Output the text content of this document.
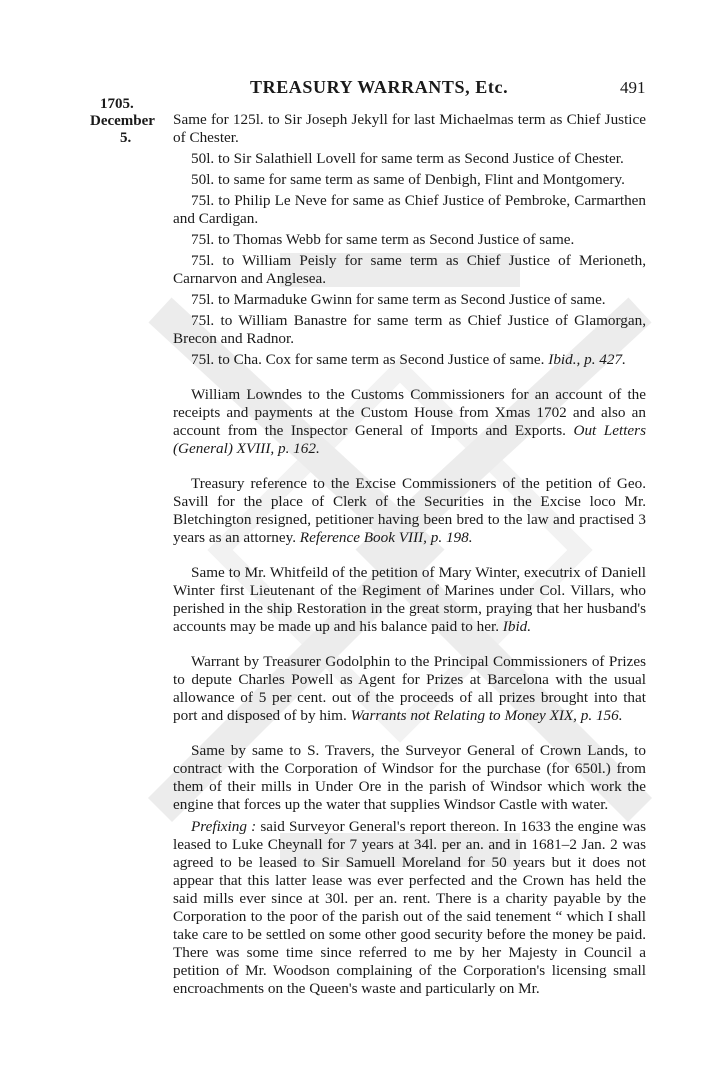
TREASURY WARRANTS, Etc.	491
1705.
December
5.

Same for 125l. to Sir Joseph Jekyll for last Michaelmas term as Chief Justice of Chester.

50l. to Sir Salathiell Lovell for same term as Second Justice of Chester.

50l. to same for same term as same of Denbigh, Flint and Montgomery.

75l. to Philip Le Neve for same as Chief Justice of Pembroke, Carmarthen and Cardigan.

75l. to Thomas Webb for same term as Second Justice of same.

75l. to William Peisly for same term as Chief Justice of Merioneth, Carnarvon and Anglesea.

75l. to Marmaduke Gwinn for same term as Second Justice of same.

75l. to William Banastre for same term as Chief Justice of Glamorgan, Brecon and Radnor.

75l. to Cha. Cox for same term as Second Justice of same. Ibid., p. 427.

William Lowndes to the Customs Commissioners for an account of the receipts and payments at the Custom House from Xmas 1702 and also an account from the Inspector General of Imports and Exports. Out Letters (General) XVIII, p. 162.

Treasury reference to the Excise Commissioners of the petition of Geo. Savill for the place of Clerk of the Securities in the Excise loco Mr. Bletchington resigned, petitioner having been bred to the law and practised 3 years as an attorney. Reference Book VIII, p. 198.

Same to Mr. Whitfeild of the petition of Mary Winter, executrix of Daniell Winter first Lieutenant of the Regiment of Marines under Col. Villars, who perished in the ship Restoration in the great storm, praying that her husband's accounts may be made up and his balance paid to her. Ibid.

Warrant by Treasurer Godolphin to the Principal Commissioners of Prizes to depute Charles Powell as Agent for Prizes at Barcelona with the usual allowance of 5 per cent. out of the proceeds of all prizes brought into that port and disposed of by him. Warrants not Relating to Money XIX, p. 156.

Same by same to S. Travers, the Surveyor General of Crown Lands, to contract with the Corporation of Windsor for the purchase (for 650l.) from them of their mills in Under Ore in the parish of Windsor which work the engine that forces up the water that supplies Windsor Castle with water.

Prefixing : said Surveyor General's report thereon. In 1633 the engine was leased to Luke Cheynall for 7 years at 34l. per an. and in 1681–2 Jan. 2 was agreed to be leased to Sir Samuell Moreland for 50 years but it does not appear that this latter lease was ever perfected and the Crown has held the said mills ever since at 30l. per an. rent. There is a charity payable by the Corporation to the poor of the parish out of the said tenement “ which I shall take care to be settled on some other good security before the money be paid. There was some time since referred to me by her Majesty in Council a petition of Mr. Woodson complaining of the Corporation's licensing small encroachments on the Queen's waste and particularly on Mr.
